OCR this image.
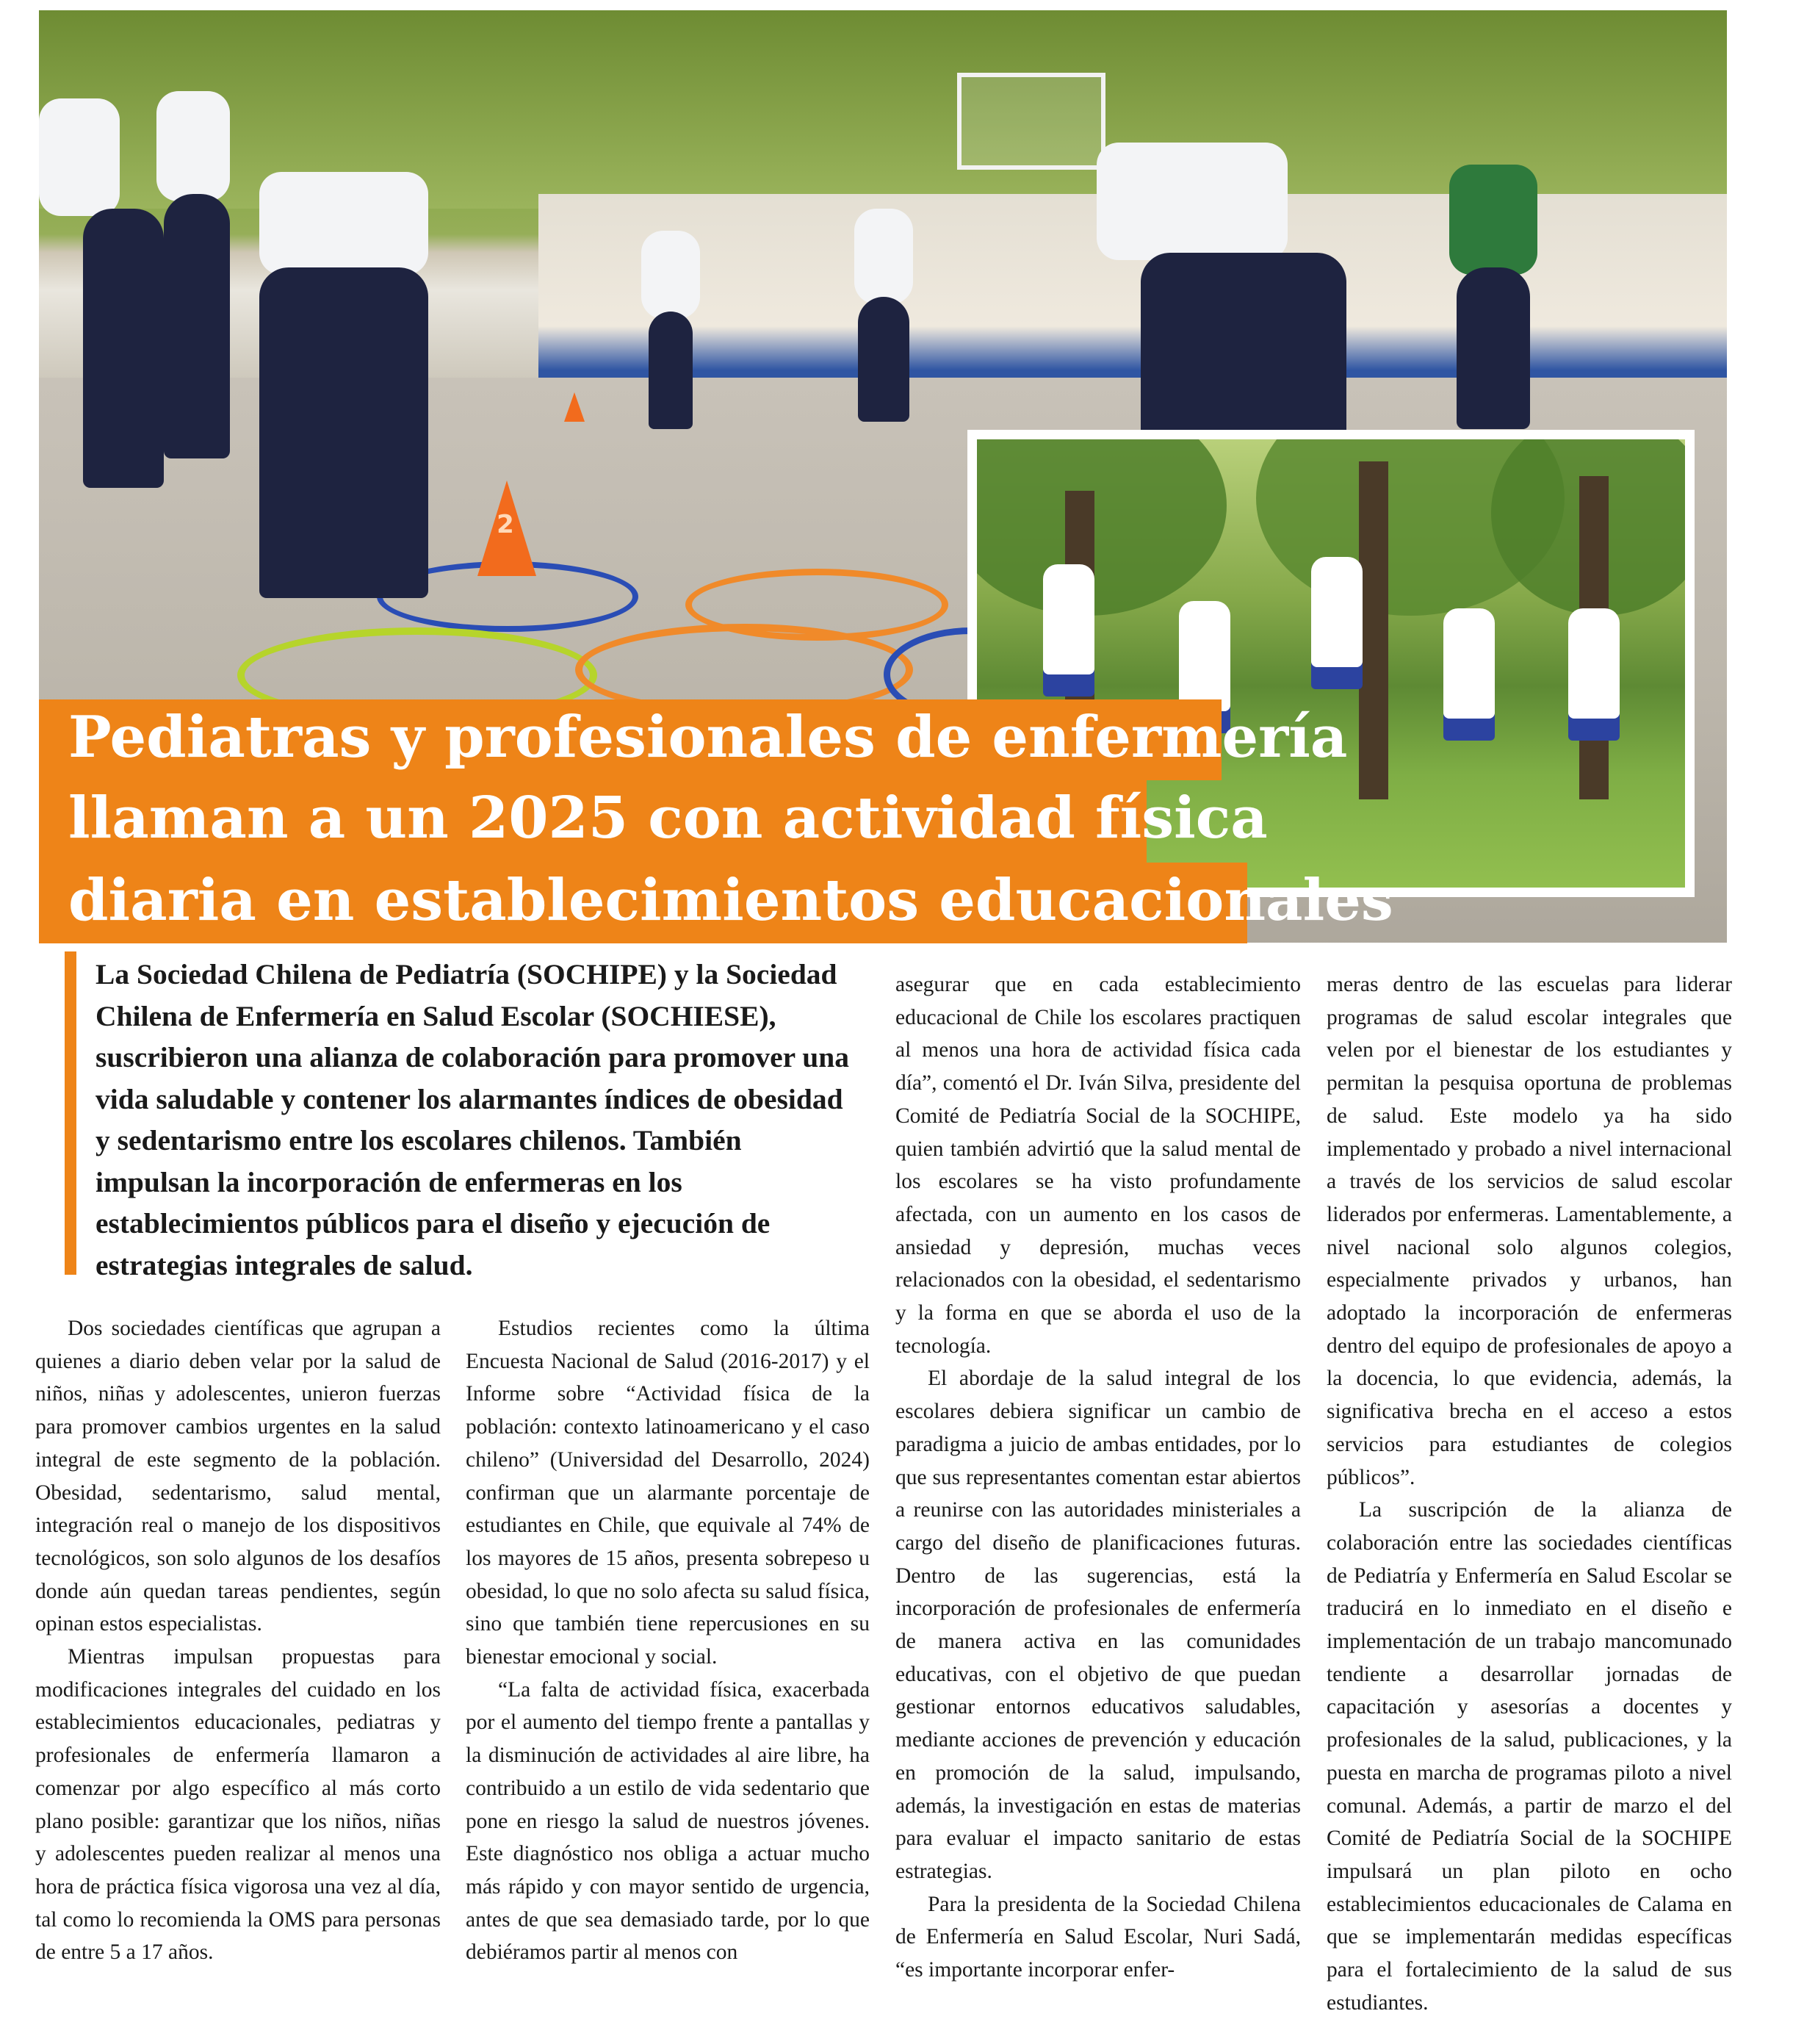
2
Pediatras y profesionales de enfermería
llaman a un 2025 con actividad física
diaria en establecimientos educacionales
La Sociedad Chilena de Pediatría (SOCHIPE) y la Sociedad Chilena de Enfermería en Salud Escolar (SOCHIESE), suscribieron una alianza de colaboración para promover una vida saludable y contener los alarmantes índices de obesidad y sedentarismo entre los escolares chilenos. También impulsan la incorporación de enfermeras en los establecimientos públicos para el diseño y ejecución de estrategias integrales de salud.

Dos sociedades científicas que agrupan a quienes a diario deben velar por la salud de niños, niñas y adolescentes, unieron fuerzas para promover cambios urgentes en la salud integral de este segmento de la población. Obesidad, sedentarismo, salud mental, integración real o manejo de los dispositivos tecnológicos, son solo algunos de los desafíos donde aún quedan tareas pendientes, según opinan estos especialistas.

Mientras impulsan propuestas para modificaciones integrales del cuidado en los establecimientos educacionales, pediatras y profesionales de enfermería llamaron a comenzar por algo específico al más corto plano posible: garantizar que los niños, niñas y adolescentes pueden realizar al menos una hora de práctica física vigorosa una vez al día, tal como lo recomienda la OMS para personas de entre 5 a 17 años.

Estudios recientes como la última Encuesta Nacional de Salud (2016-2017) y el Informe sobre “Actividad física de la población: contexto latinoamericano y el caso chileno” (Universidad del Desarrollo, 2024) confirman que un alarmante porcentaje de estudiantes en Chile, que equivale al 74% de los mayores de 15 años, presenta sobrepeso u obesidad, lo que no solo afecta su salud física, sino que también tiene repercusiones en su bienestar emocional y social.

“La falta de actividad física, exacerbada por el aumento del tiempo frente a pantallas y la disminución de actividades al aire libre, ha contribuido a un estilo de vida sedentario que pone en riesgo la salud de nuestros jóvenes. Este diagnóstico nos obliga a actuar mucho más rápido y con mayor sentido de urgencia, antes de que sea demasiado tarde, por lo que debiéramos partir al menos con

asegurar que en cada establecimiento educacional de Chile los escolares practiquen al menos una hora de actividad física cada día”, comentó el Dr. Iván Silva, presidente del Comité de Pediatría Social de la SOCHIPE, quien también advirtió que la salud mental de los escolares se ha visto profundamente afectada, con un aumento en los casos de ansiedad y depresión, muchas veces relacionados con la obesidad, el sedentarismo y la forma en que se aborda el uso de la tecnología.

El abordaje de la salud integral de los escolares debiera significar un cambio de paradigma a juicio de ambas entidades, por lo que sus representantes comentan estar abiertos a reunirse con las autoridades ministeriales a cargo del diseño de planificaciones futuras. Dentro de las sugerencias, está la incorporación de profesionales de enfermería de manera activa en las comunidades educativas, con el objetivo de que puedan gestionar entornos educativos saludables, mediante acciones de prevención y educación en promoción de la salud, impulsando, además, la investigación en estas de materias para evaluar el impacto sanitario de estas estrategias.

Para la presidenta de la Sociedad Chilena de Enfermería en Salud Escolar, Nuri Sadá, “es importante incorporar enfer-

meras dentro de las escuelas para liderar programas de salud escolar integrales que velen por el bienestar de los estudiantes y permitan la pesquisa oportuna de problemas de salud. Este modelo ya ha sido implementado y probado a nivel internacional a través de los servicios de salud escolar liderados por enfermeras. Lamentablemente, a nivel nacional solo algunos colegios, especialmente privados y urbanos, han adoptado la incorporación de enfermeras dentro del equipo de profesionales de apoyo a la docencia, lo que evidencia, además, la significativa brecha en el acceso a estos servicios para estudiantes de colegios públicos”.

La suscripción de la alianza de colaboración entre las sociedades científicas de Pediatría y Enfermería en Salud Escolar se traducirá en lo inmediato en el diseño e implementación de un trabajo mancomunado tendiente a desarrollar jornadas de capacitación y asesorías a docentes y profesionales de la salud, publicaciones, y la puesta en marcha de programas piloto a nivel comunal. Además, a partir de marzo el del Comité de Pediatría Social de la SOCHIPE impulsará un plan piloto en ocho establecimientos educacionales de Calama en que se implementarán medidas específicas para el fortalecimiento de la salud de sus estudiantes.
